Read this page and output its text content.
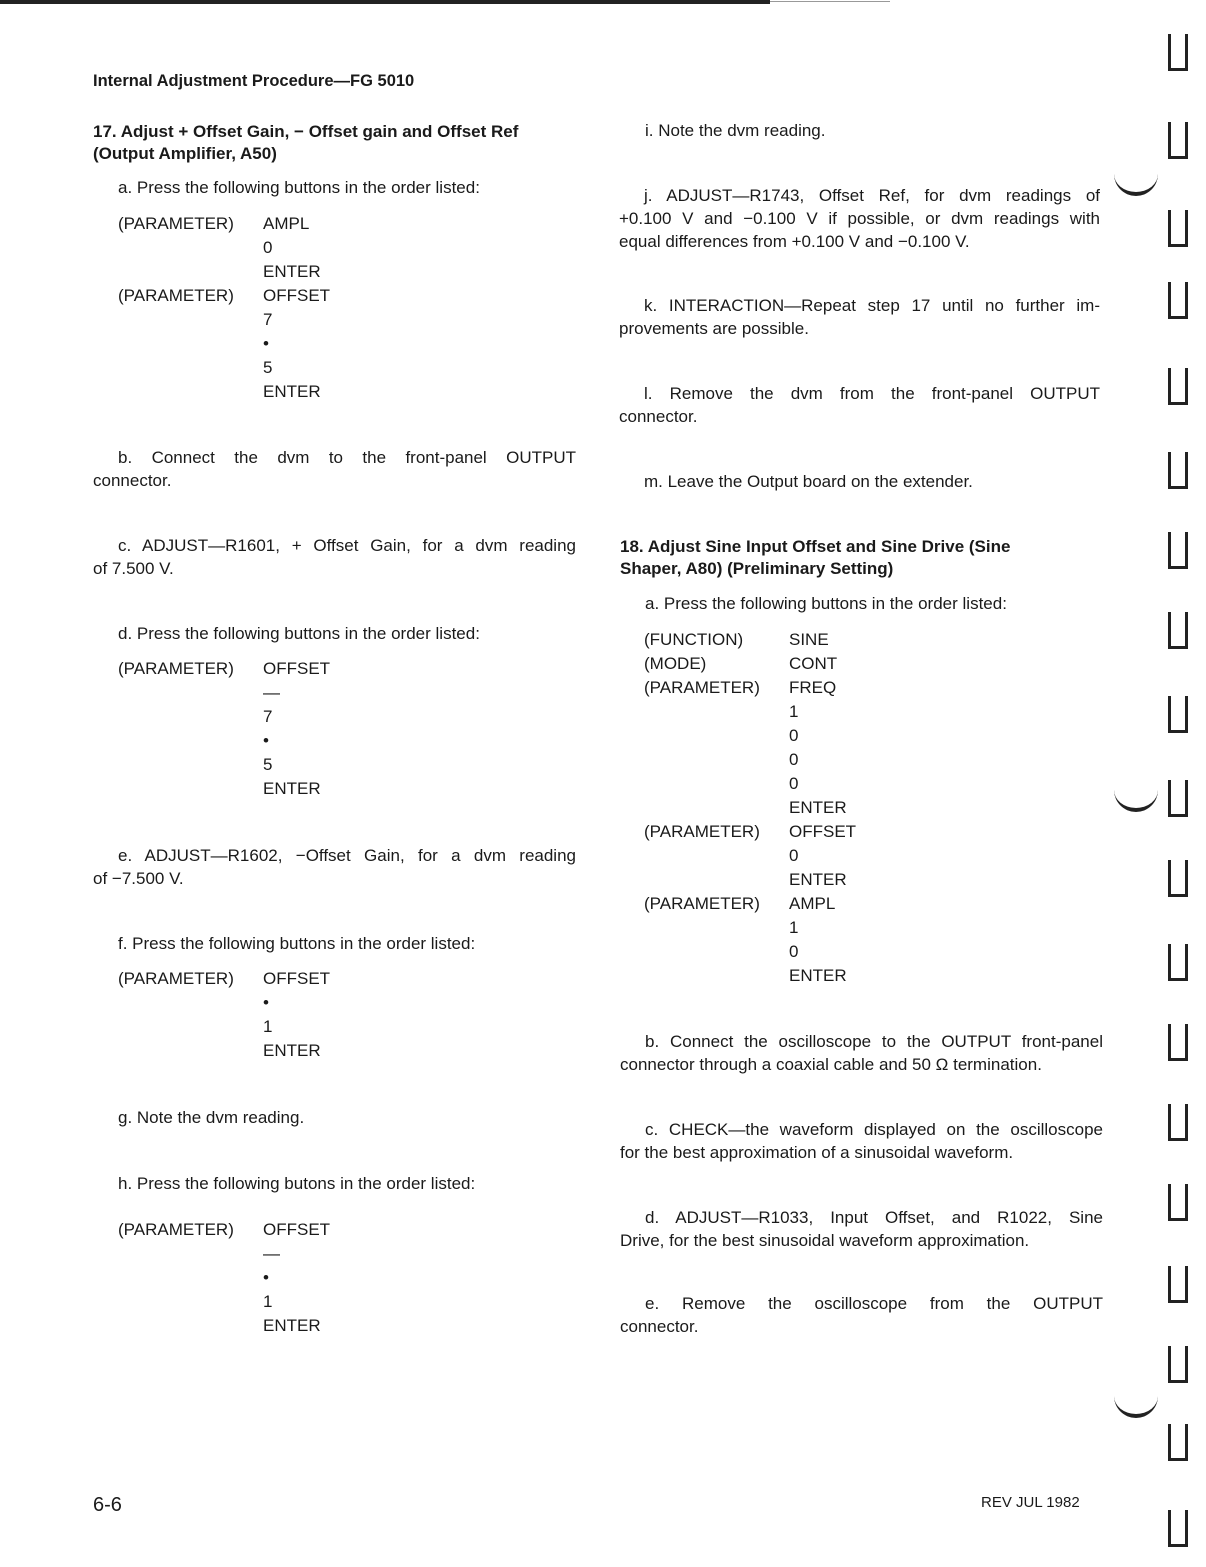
Internal Adjustment Procedure—FG 5010
17. Adjust + Offset Gain, − Offset gain and Offset Ref
(Output Amplifier, A50)
a. Press the following buttons in the order listed:
(PARAMETER) AMPL
0
ENTER
(PARAMETER) OFFSET
7
•
5
ENTER
b. Connect the dvm to the front-panel OUTPUT
connector.
c. ADJUST—R1601, + Offset Gain, for a dvm reading
of 7.500 V.
d. Press the following buttons in the order listed:
(PARAMETER) OFFSET
—
7
•
5
ENTER
e. ADJUST—R1602, −Offset Gain, for a dvm reading
of −7.500 V.
f. Press the following buttons in the order listed:
(PARAMETER) OFFSET
•
1
ENTER
g. Note the dvm reading.
h. Press the following butons in the order listed:
(PARAMETER) OFFSET
—
•
1
ENTER
i. Note the dvm reading.
j. ADJUST—R1743, Offset Ref, for dvm readings of
+0.100 V and −0.100 V if possible, or dvm readings with
equal differences from +0.100 V and −0.100 V.
k. INTERACTION—Repeat step 17 until no further im-
provements are possible.
l. Remove the dvm from the front-panel OUTPUT
connector.
m. Leave the Output board on the extender.
18. Adjust Sine Input Offset and Sine Drive (Sine
Shaper, A80) (Preliminary Setting)
a. Press the following buttons in the order listed:
(FUNCTION)	SINE
(MODE)	CONT
(PARAMETER) FREQ
1
0
0
0
ENTER
(PARAMETER) OFFSET
0
ENTER
(PARAMETER) AMPL
1
0
ENTER
b. Connect the oscilloscope to the OUTPUT front-panel
connector through a coaxial cable and 50 Ω termination.
c. CHECK—the waveform displayed on the oscilloscope
for the best approximation of a sinusoidal waveform.
d. ADJUST—R1033, Input Offset, and R1022, Sine
Drive, for the best sinusoidal waveform approximation.
e. Remove the oscilloscope from the OUTPUT
connector.
6-6	REV JUL 1982
